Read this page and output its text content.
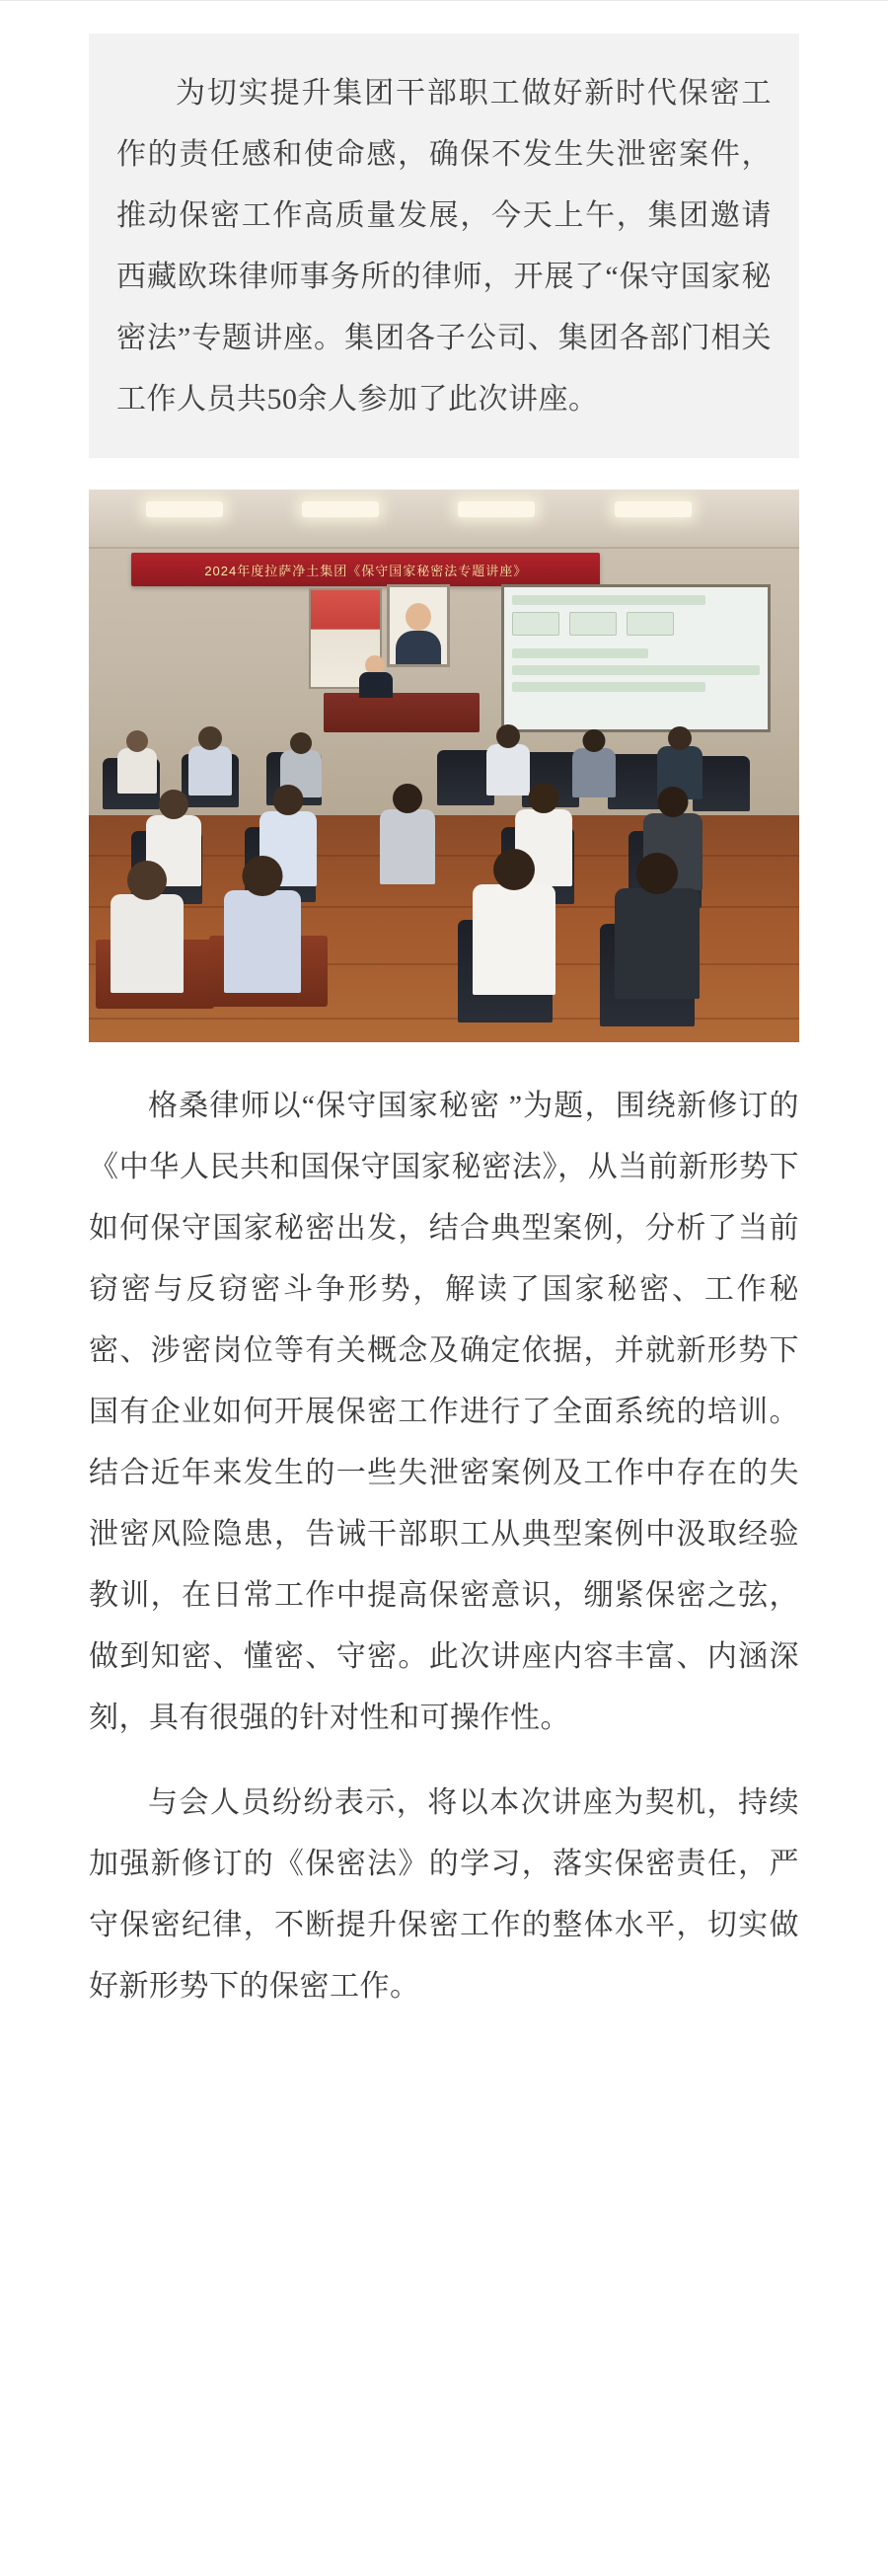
为切实提升集团干部职工做好新时代保密工作的责任感和使命感，确保不发生失泄密案件，推动保密工作高质量发展，今天上午，集团邀请西藏欧珠律师事务所的律师，开展了“保守国家秘密法”专题讲座。集团各子公司、集团各部门相关工作人员共50余人参加了此次讲座。

2024年度拉萨净土集团《保守国家秘密法专题讲座》

格桑律师以“保守国家秘密 ”为题，围绕新修订的《中华人民共和国保守国家秘密法》，从当前新形势下如何保守国家秘密出发，结合典型案例，分析了当前窃密与反窃密斗争形势，解读了国家秘密、工作秘密、涉密岗位等有关概念及确定依据，并就新形势下国有企业如何开展保密工作进行了全面系统的培训。结合近年来发生的一些失泄密案例及工作中存在的失泄密风险隐患，告诫干部职工从典型案例中汲取经验教训，在日常工作中提高保密意识，绷紧保密之弦，做到知密、懂密、守密。此次讲座内容丰富、内涵深刻，具有很强的针对性和可操作性。

与会人员纷纷表示，将以本次讲座为契机，持续加强新修订的《保密法》的学习，落实保密责任，严守保密纪律，不断提升保密工作的整体水平，切实做好新形势下的保密工作。
